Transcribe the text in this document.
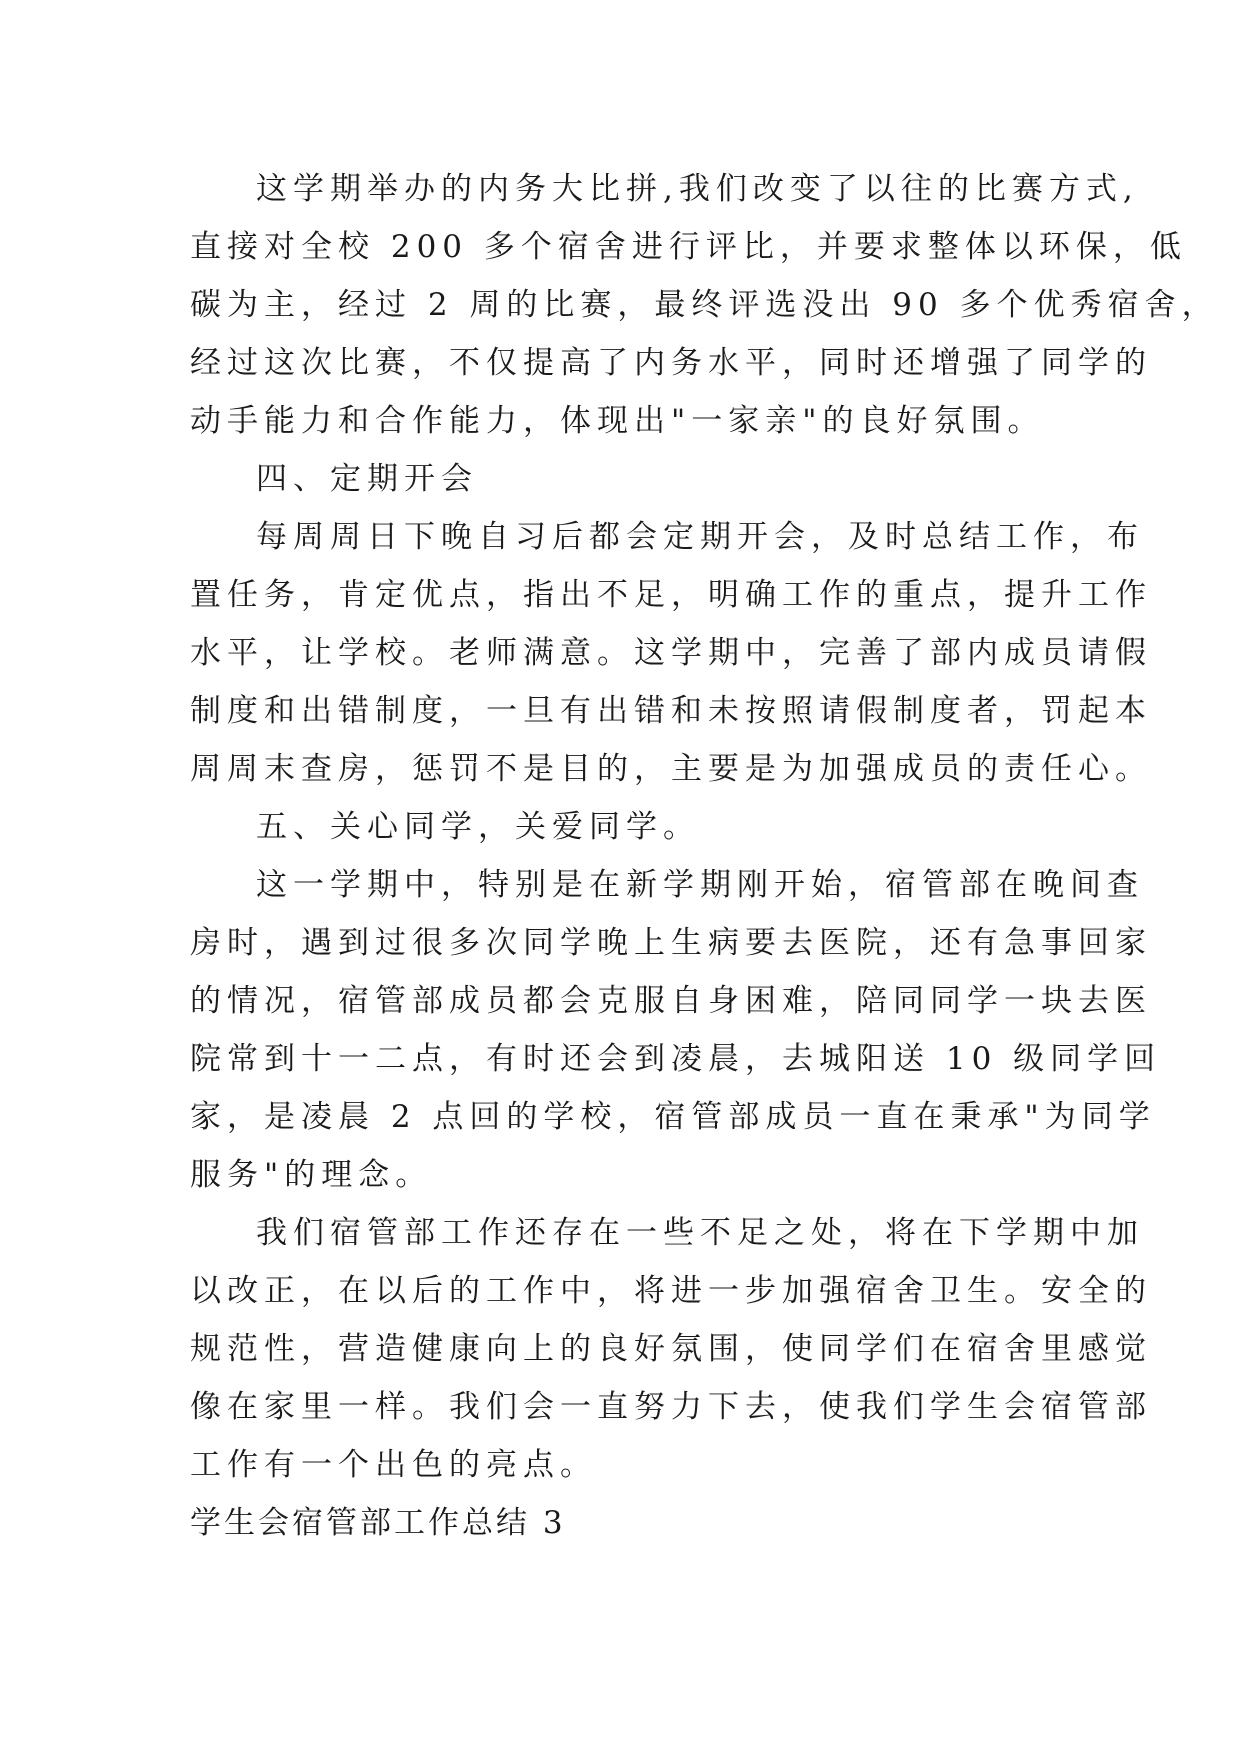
这学期举办的内务大比拼,我们改变了以往的比赛方式,
直接对全校 200 多个宿舍进行评比，并要求整体以环保，低
碳为主，经过 2 周的比赛，最终评选没出 90 多个优秀宿舍，
经过这次比赛，不仅提高了内务水平，同时还增强了同学的
动手能力和合作能力，体现出"一家亲"的良好氛围。
四、定期开会
每周周日下晚自习后都会定期开会，及时总结工作，布
置任务，肯定优点，指出不足，明确工作的重点，提升工作
水平，让学校。老师满意。这学期中，完善了部内成员请假
制度和出错制度，一旦有出错和未按照请假制度者，罚起本
周周末查房，惩罚不是目的，主要是为加强成员的责任心。
五、关心同学，关爱同学。
这一学期中，特别是在新学期刚开始，宿管部在晚间查
房时，遇到过很多次同学晚上生病要去医院，还有急事回家
的情况，宿管部成员都会克服自身困难，陪同同学一块去医
院常到十一二点，有时还会到凌晨，去城阳送 10 级同学回
家，是凌晨 2 点回的学校，宿管部成员一直在秉承"为同学
服务"的理念。
我们宿管部工作还存在一些不足之处，将在下学期中加
以改正，在以后的工作中，将进一步加强宿舍卫生。安全的
规范性，营造健康向上的良好氛围，使同学们在宿舍里感觉
像在家里一样。我们会一直努力下去，使我们学生会宿管部
工作有一个出色的亮点。
学生会宿管部工作总结 3
